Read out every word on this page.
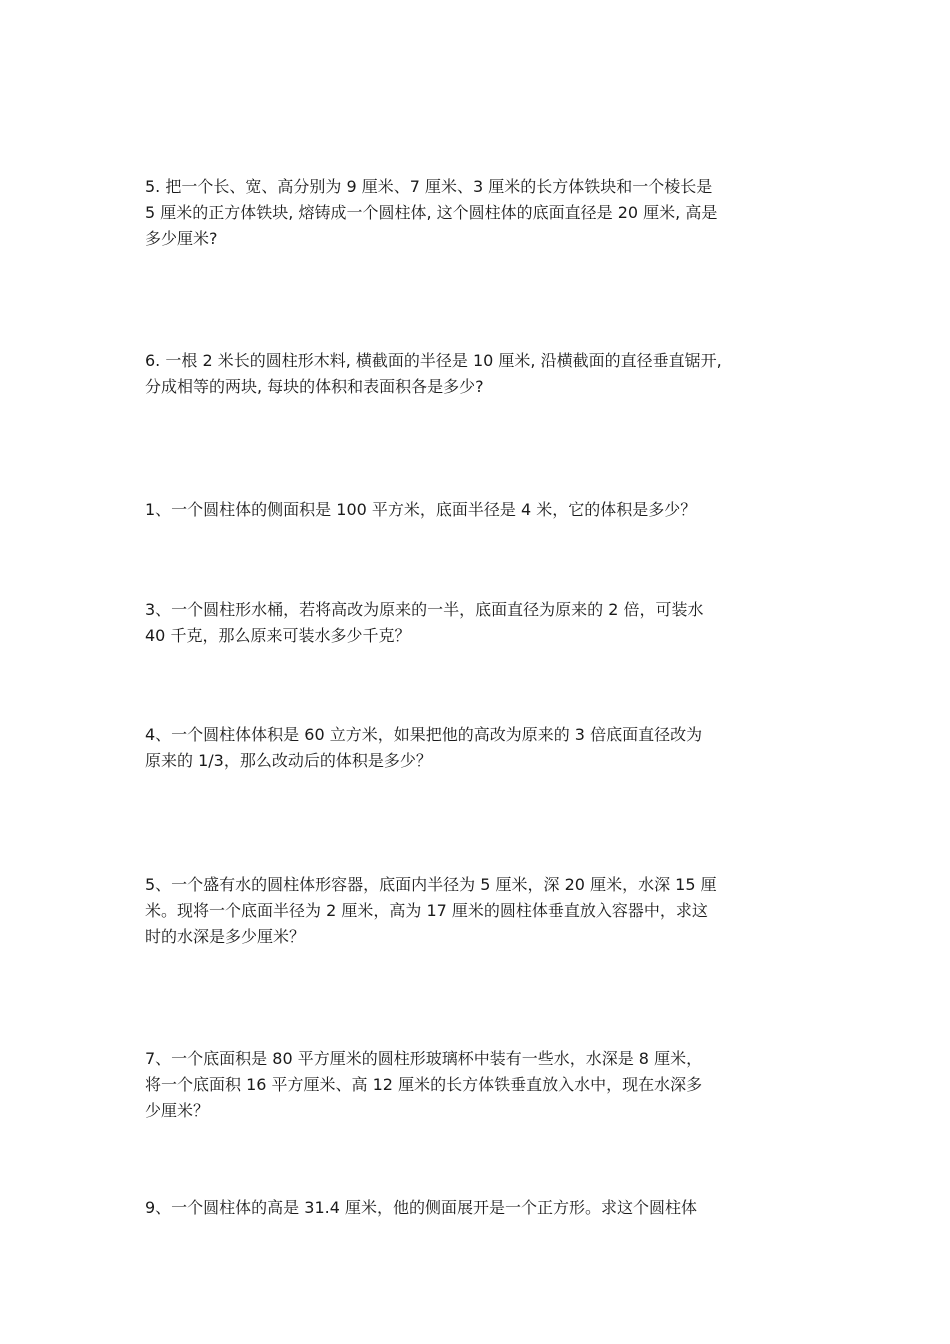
5. 把一个长、宽、高分别为 9 厘米、7 厘米、3 厘米的长方体铁块和一个棱长是
5 厘米的正方体铁块, 熔铸成一个圆柱体, 这个圆柱体的底面直径是 20 厘米, 高是
多少厘米?

6. 一根 2 米长的圆柱形木料, 横截面的半径是 10 厘米, 沿横截面的直径垂直锯开,
分成相等的两块, 每块的体积和表面积各是多少?

1、一个圆柱体的侧面积是 100 平方米，底面半径是 4 米，它的体积是多少？

3、一个圆柱形水桶，若将高改为原来的一半，底面直径为原来的 2 倍，可装水
40 千克，那么原来可装水多少千克？

4、一个圆柱体体积是 60 立方米，如果把他的高改为原来的 3 倍底面直径改为
原来的 1/3，那么改动后的体积是多少？

5、一个盛有水的圆柱体形容器，底面内半径为 5 厘米，深 20 厘米，水深 15 厘
米。现将一个底面半径为 2 厘米，高为 17 厘米的圆柱体垂直放入容器中，求这
时的水深是多少厘米？

7、一个底面积是 80 平方厘米的圆柱形玻璃杯中装有一些水，水深是 8 厘米，
将一个底面积 16 平方厘米、高 12 厘米的长方体铁垂直放入水中，现在水深多
少厘米？

9、一个圆柱体的高是 31.4 厘米，他的侧面展开是一个正方形。求这个圆柱体
